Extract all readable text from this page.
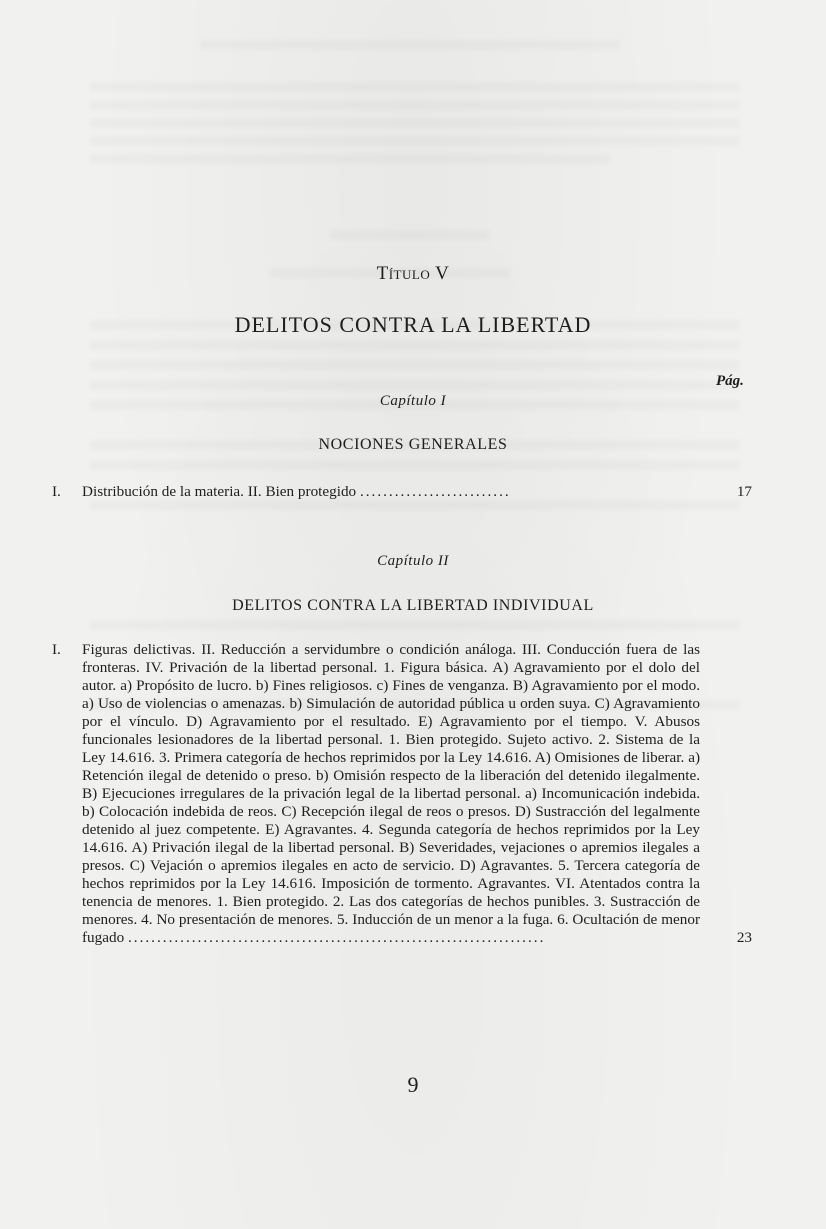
Título V
DELITOS CONTRA LA LIBERTAD
Pág.
Capítulo I
NOCIONES GENERALES
I. Distribución de la materia. II. Bien protegido ..........................	17
Capítulo II
DELITOS CONTRA LA LIBERTAD INDIVIDUAL
I. Figuras delictivas. II. Reducción a servidumbre o condición análoga. III. Conducción fuera de las fronteras. IV. Privación de la libertad personal. 1. Figura básica. A) Agravamiento por el dolo del autor. a) Propósito de lucro. b) Fines religiosos. c) Fines de venganza. B) Agravamiento por el modo. a) Uso de violencias o amenazas. b) Simulación de autoridad pública u orden suya. C) Agravamiento por el vínculo. D) Agravamiento por el resultado. E) Agravamiento por el tiempo. V. Abusos funcionales lesionadores de la libertad personal. 1. Bien protegido. Sujeto activo. 2. Sistema de la Ley 14.616. 3. Primera categoría de hechos reprimidos por la Ley 14.616. A) Omisiones de liberar. a) Retención ilegal de detenido o preso. b) Omisión respecto de la liberación del detenido ilegalmente. B) Ejecuciones irregulares de la privación legal de la libertad personal. a) Incomunicación indebida. b) Colocación indebida de reos. C) Recepción ilegal de reos o presos. D) Sustracción del legalmente detenido al juez competente. E) Agravantes. 4. Segunda categoría de hechos reprimidos por la Ley 14.616. A) Privación ilegal de la libertad personal. B) Severidades, vejaciones o apremios ilegales a presos. C) Vejación o apremios ilegales en acto de servicio. D) Agravantes. 5. Tercera categoría de hechos reprimidos por la Ley 14.616. Imposición de tormento. Agravantes. VI. Atentados contra la tenencia de menores. 1. Bien protegido. 2. Las dos categorías de hechos punibles. 3. Sustracción de menores. 4. No presentación de menores. 5. Inducción de un menor a la fuga. 6. Ocultación de menor fugado ........................................................................	23
9
